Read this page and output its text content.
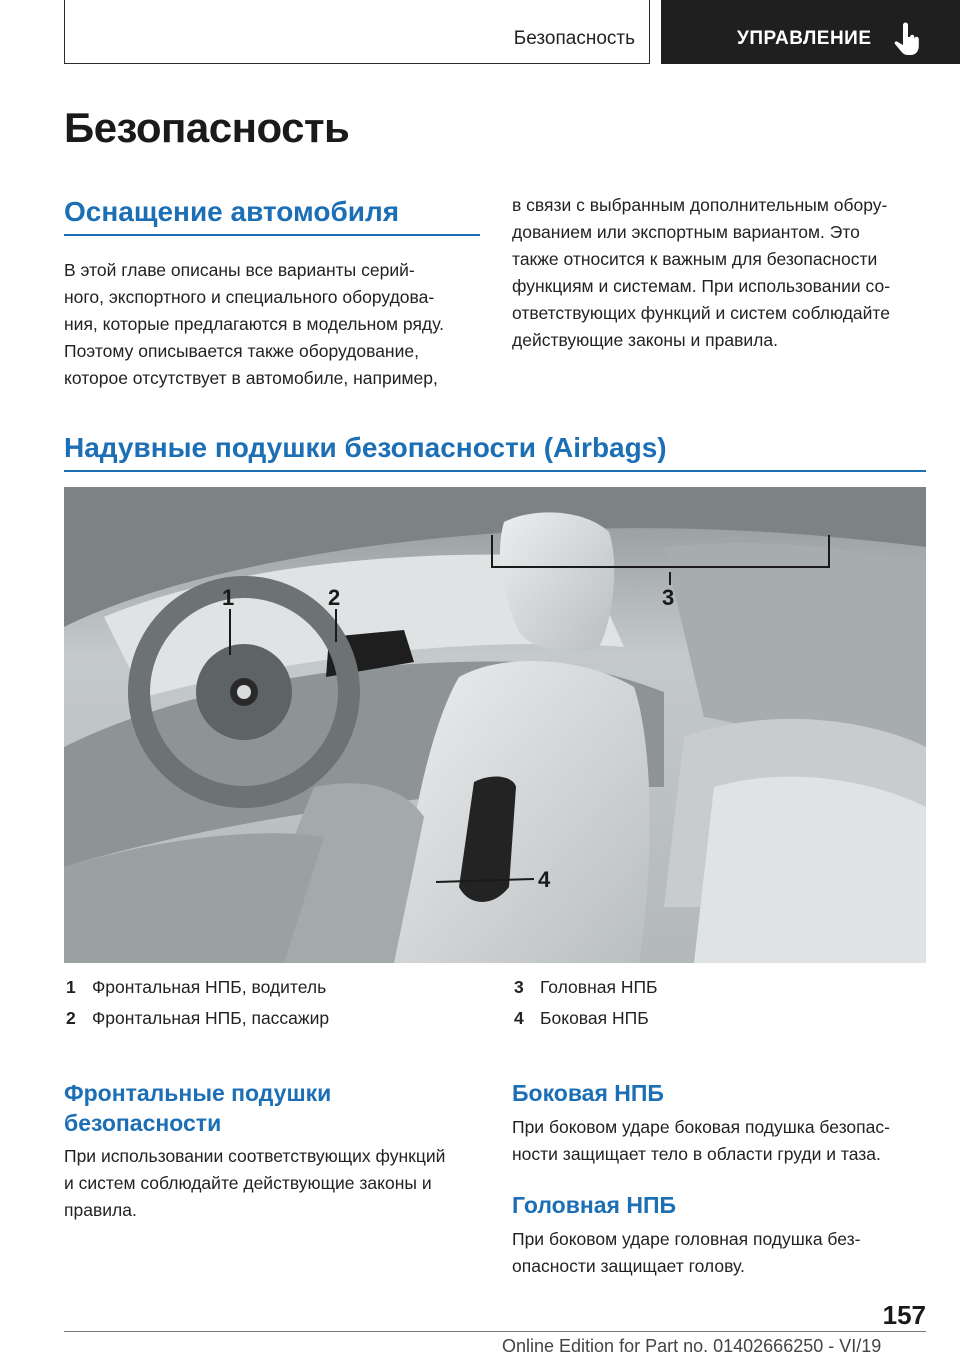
Безопасность	УПРАВЛЕНИЕ
Безопасность
Оснащение автомобиля
В этой главе описаны все варианты серий-
ного, экспортного и специального оборудова-
ния, которые предлагаются в модельном ряду.
Поэтому описывается также оборудование,
которое отсутствует в автомобиле, например,
в связи с выбранным дополнительным обору-
дованием или экспортным вариантом. Это
также относится к важным для безопасности
функциям и системам. При использовании со-
ответствующих функций и систем соблюдайте
действующие законы и правила.
Надувные подушки безопасности (Airbags)
1	2	3
4
1 Фронтальная НПБ, водитель
2 Фронтальная НПБ, пассажир
3 Головная НПБ
4 Боковая НПБ
Фронтальные подушки
безопасности
При использовании соответствующих функций
и систем соблюдайте действующие законы и
правила.
Боковая НПБ
При боковом ударе боковая подушка безопас-
ности защищает тело в области груди и таза.
Головная НПБ
При боковом ударе головная подушка без-
опасности защищает голову.
157
Online Edition for Part no. 01402666250 - VI/19
